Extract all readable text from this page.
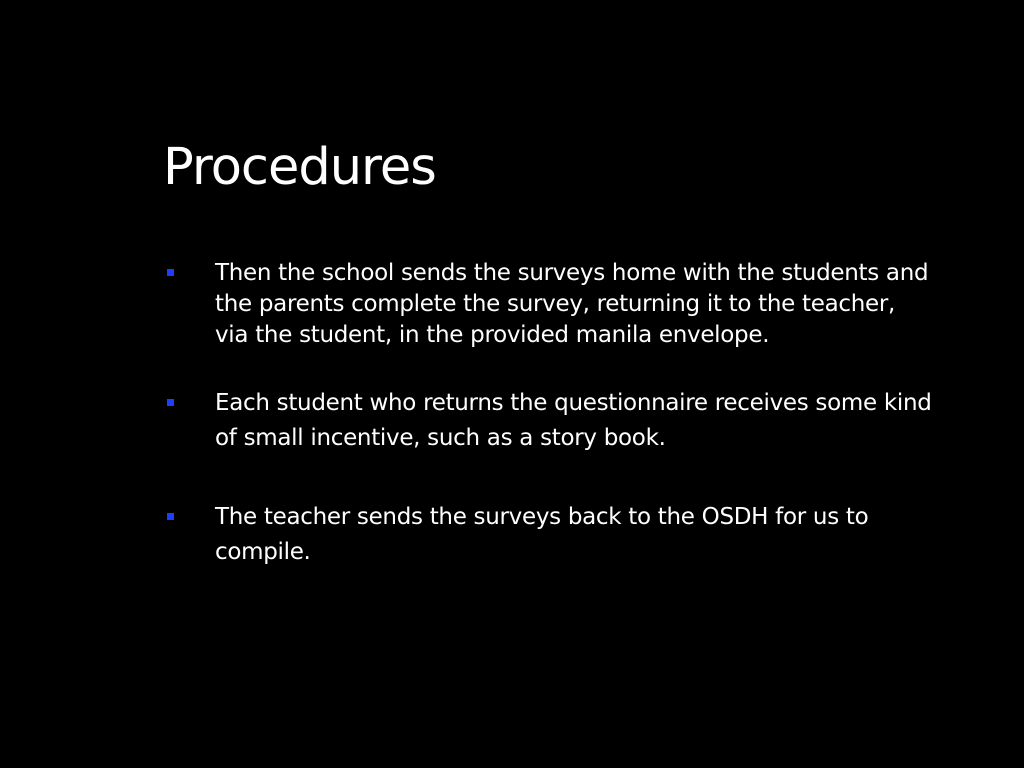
Procedures
Then the school sends the surveys home with the students and the parents complete the survey, returning it to the teacher, via the student, in the provided manila envelope.
Each student who returns the questionnaire receives some kind of small incentive, such as a story book.
The teacher sends the surveys back to the OSDH for us to compile.
